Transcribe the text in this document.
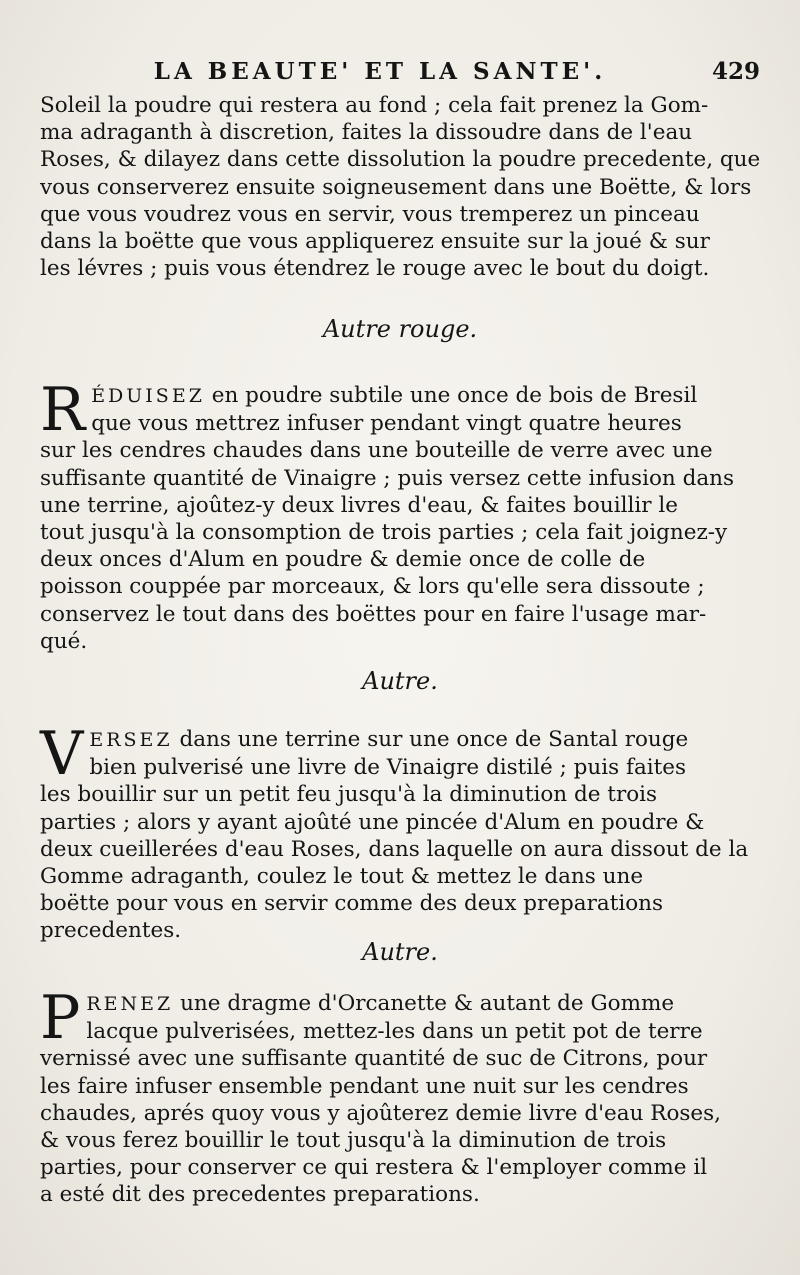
LA BEAUTE' ET LA SANTE'.	429
Soleil la poudre qui restera au fond ; cela fait prenez la Gom-
ma adraganth à discretion, faites la dissoudre dans de l'eau
Roses, & dilayez dans cette dissolution la poudre precedente, que
vous conserverez ensuite soigneusement dans une Boëtte, & lors
que vous voudrez vous en servir, vous tremperez un pinceau
dans la boëtte que vous appliquerez ensuite sur la joué & sur
les lévres ; puis vous étendrez le rouge avec le bout du doigt.
Autre rouge.
R ÉDUISEZ en poudre subtile une once de bois de Bresil
que vous mettrez infuser pendant vingt quatre heures
sur les cendres chaudes dans une bouteille de verre avec une
suffisante quantité de Vinaigre ; puis versez cette infusion dans
une terrine, ajoûtez-y deux livres d'eau, & faites bouillir le
tout jusqu'à la consomption de trois parties ; cela fait joignez-y
deux onces d'Alum en poudre & demie once de colle de
poisson couppée par morceaux, & lors qu'elle sera dissoute ;
conservez le tout dans des boëttes pour en faire l'usage mar-
qué.
Autre.
V ERSEZ dans une terrine sur une once de Santal rouge
bien pulverisé une livre de Vinaigre distilé ; puis faites
les bouillir sur un petit feu jusqu'à la diminution de trois
parties ; alors y ayant ajoûté une pincée d'Alum en poudre &
deux cueillerées d'eau Roses, dans laquelle on aura dissout de la
Gomme adraganth, coulez le tout & mettez le dans une
boëtte pour vous en servir comme des deux preparations
precedentes.
Autre.
P RENEZ une dragme d'Orcanette & autant de Gomme
lacque pulverisées, mettez-les dans un petit pot de terre
vernissé avec une suffisante quantité de suc de Citrons, pour
les faire infuser ensemble pendant une nuit sur les cendres
chaudes, aprés quoy vous y ajoûterez demie livre d'eau Roses,
& vous ferez bouillir le tout jusqu'à la diminution de trois
parties, pour conserver ce qui restera & l'employer comme il
a esté dit des precedentes preparations.
